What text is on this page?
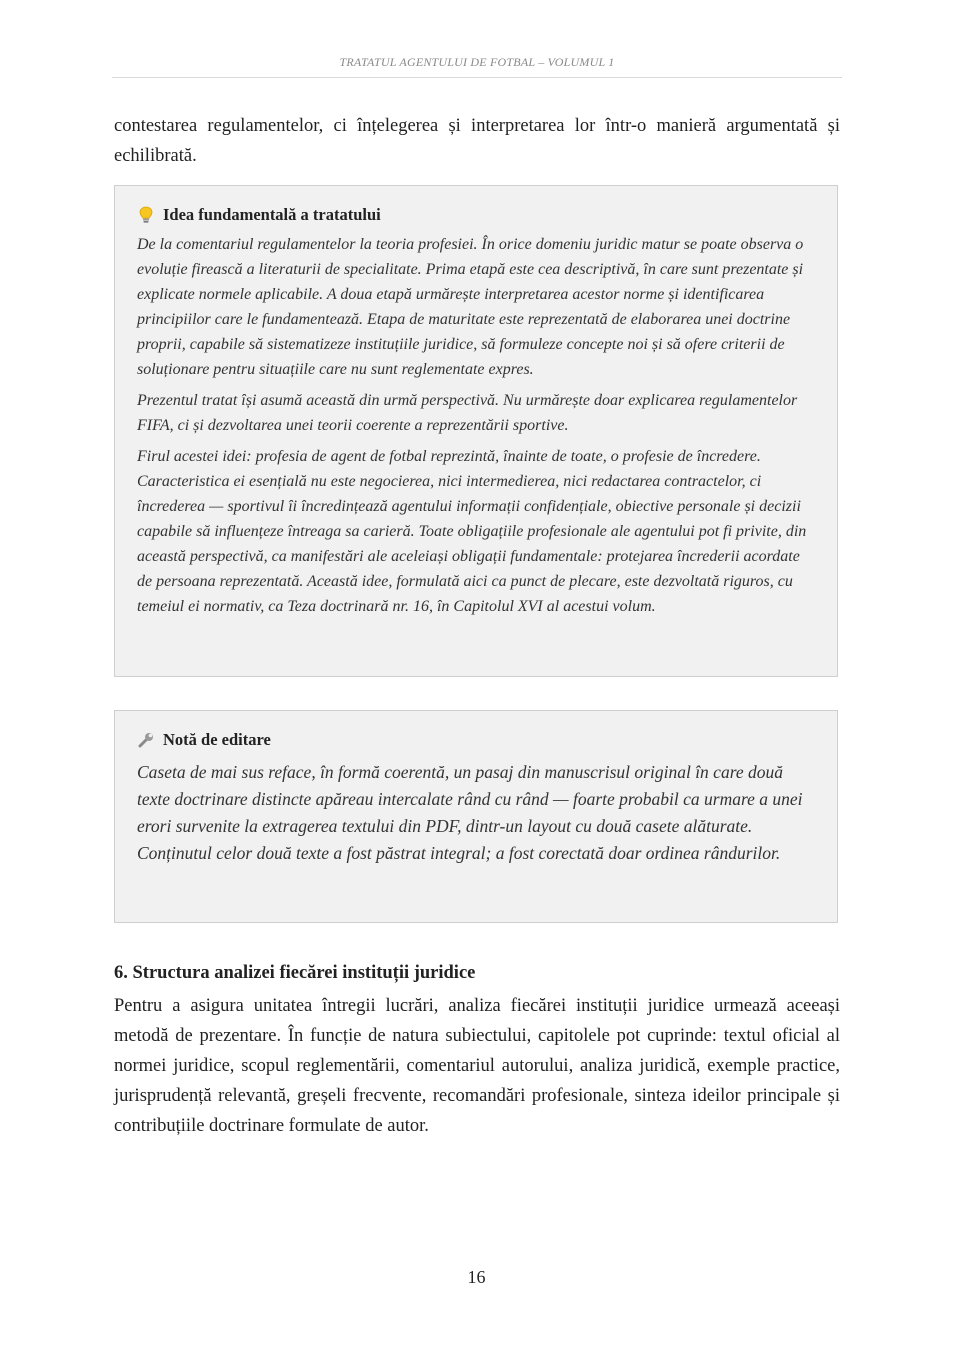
TRATATUL AGENTULUI DE FOTBAL – VOLUMUL 1
contestarea regulamentelor, ci înțelegerea și interpretarea lor într-o manieră argumentată și echilibrată.
Idea fundamentală a tratatului

De la comentariul regulamentelor la teoria profesiei. În orice domeniu juridic matur se poate observa o evoluție firească a literaturii de specialitate. Prima etapă este cea descriptivă, în care sunt prezentate și explicate normele aplicabile. A doua etapă urmărește interpretarea acestor norme și identificarea principiilor care le fundamentează. Etapa de maturitate este reprezentată de elaborarea unei doctrine proprii, capabile să sistematizeze instituțiile juridice, să formuleze concepte noi și să ofere criterii de soluționare pentru situațiile care nu sunt reglementate expres.

Prezentul tratat își asumă această din urmă perspectivă. Nu urmărește doar explicarea regulamentelor FIFA, ci și dezvoltarea unei teorii coerente a reprezentării sportive.

Firul acestei idei: profesia de agent de fotbal reprezintă, înainte de toate, o profesie de încredere. Caracteristica ei esențială nu este negocierea, nici intermedierea, nici redactarea contractelor, ci încrederea — sportivul îi încredințează agentului informații confidențiale, obiective personale și decizii capabile să influențeze întreaga sa carieră. Toate obligațiile profesionale ale agentului pot fi privite, din această perspectivă, ca manifestări ale aceleiași obligații fundamentale: protejarea încrederii acordate de persoana reprezentată. Această idee, formulată aici ca punct de plecare, este dezvoltată riguros, cu temeiul ei normativ, ca Teza doctrinară nr. 16, în Capitolul XVI al acestui volum.

Notă de editare

Caseta de mai sus reface, în formă coerentă, un pasaj din manuscrisul original în care două texte doctrinare distincte apăreau intercalate rând cu rând — foarte probabil ca urmare a unei erori survenite la extragerea textului din PDF, dintr-un layout cu două casete alăturate. Conținutul celor două texte a fost păstrat integral; a fost corectată doar ordinea rândurilor.

6. Structura analizei fiecărei instituții juridice
Pentru a asigura unitatea întregii lucrări, analiza fiecărei instituții juridice urmează aceeași metodă de prezentare. În funcție de natura subiectului, capitolele pot cuprinde: textul oficial al normei juridice, scopul reglementării, comentariul autorului, analiza juridică, exemple practice, jurisprudență relevantă, greșeli frecvente, recomandări profesionale, sinteza ideilor principale și contribuțiile doctrinare formulate de autor.
16
